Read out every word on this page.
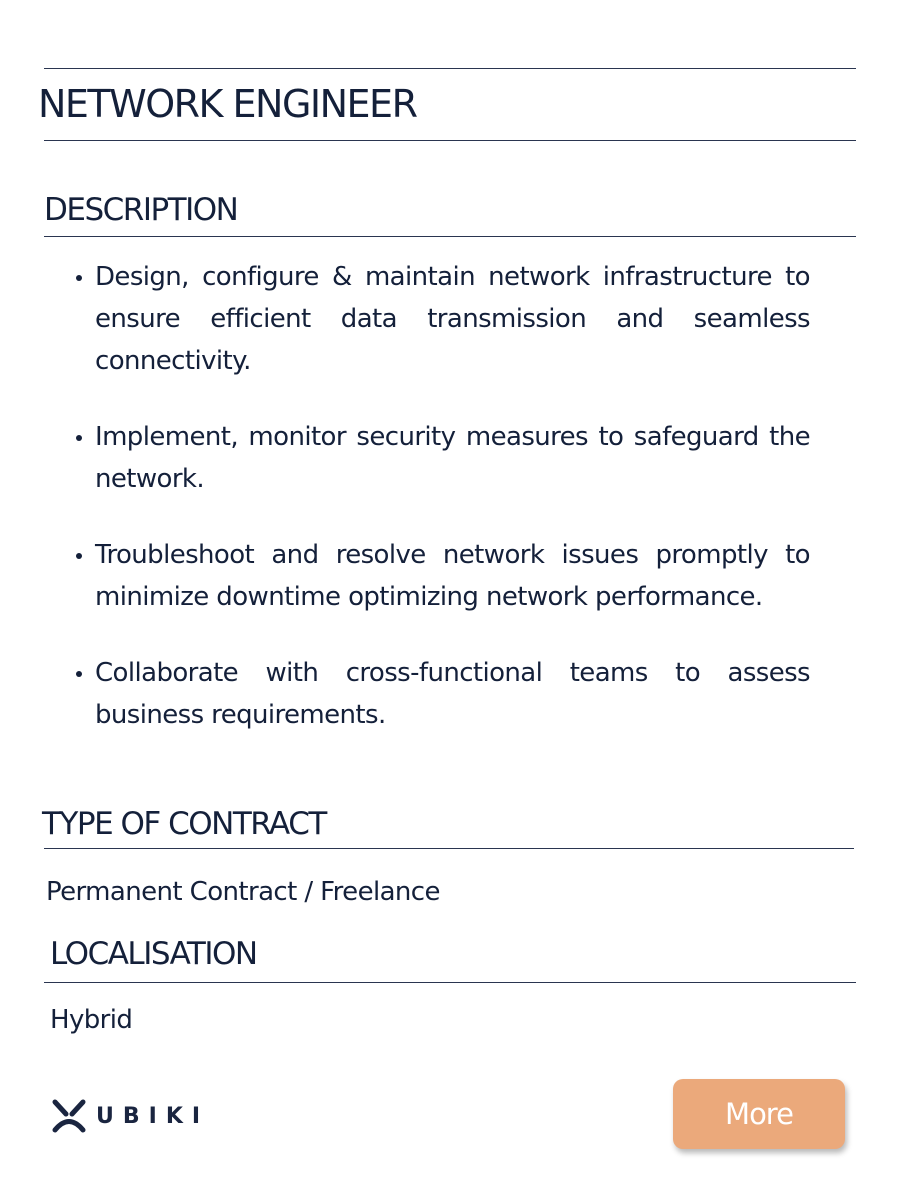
NETWORK ENGINEER
DESCRIPTION
Design, configure & maintain network infrastructure to ensure efficient data transmission and seamless connectivity.
Implement, monitor security measures to safeguard the network.
Troubleshoot and resolve network issues promptly to minimize downtime optimizing network performance.
Collaborate with cross-functional teams to assess business requirements.
TYPE OF CONTRACT
Permanent Contract / Freelance
LOCALISATION
Hybrid
UBIKI	More
